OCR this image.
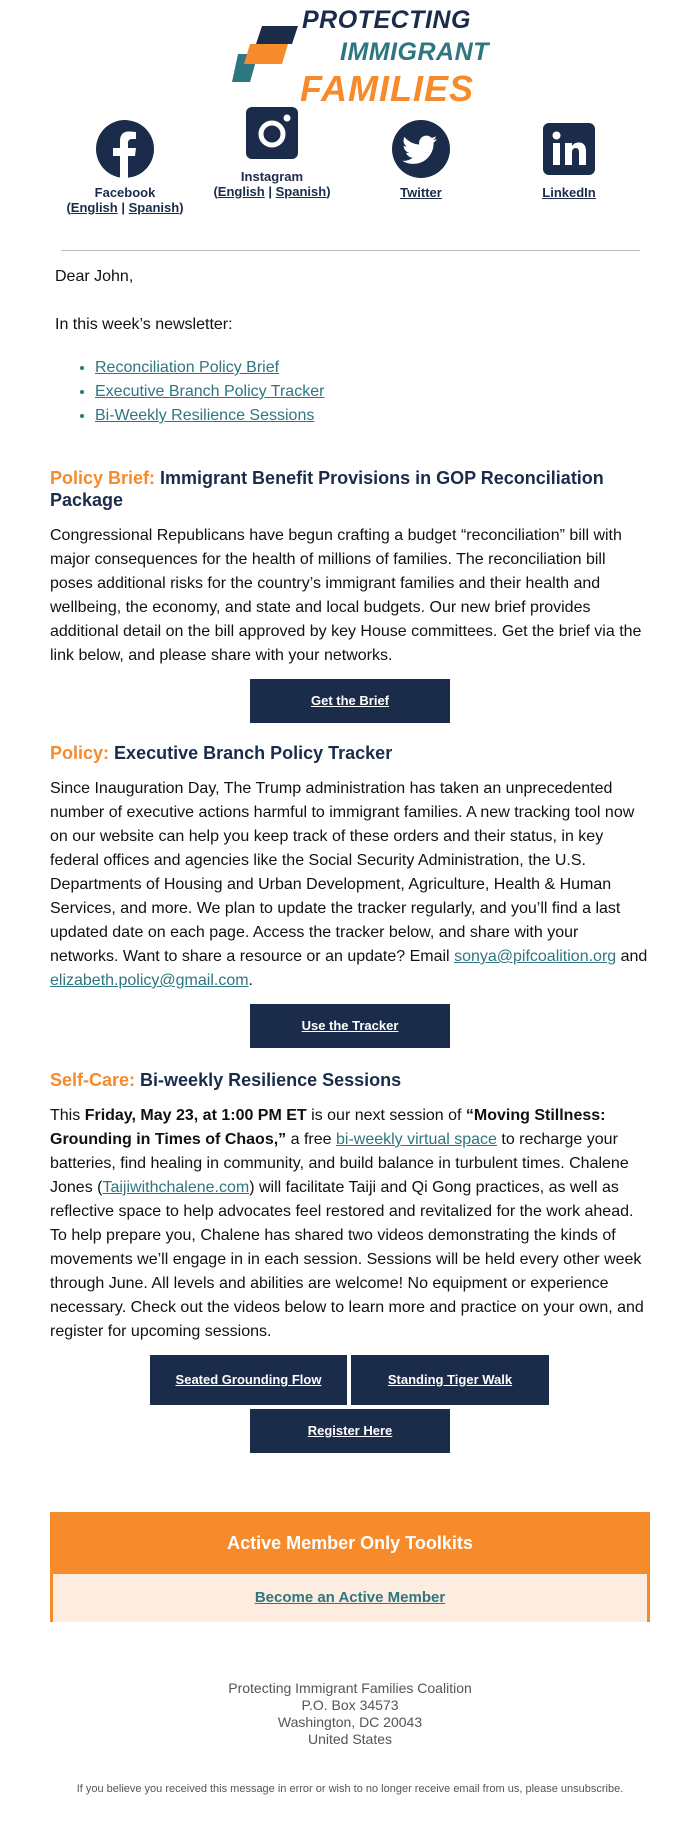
PROTECTING
IMMIGRANT
FAMILIES
Facebook
(English | Spanish)
Instagram
(English | Spanish)	Twitter	LinkedIn

Dear John,

In this week’s newsletter:

• Reconciliation Policy Brief
• Executive Branch Policy Tracker
• Bi-Weekly Resilience Sessions
Policy Brief: Immigrant Benefit Provisions in GOP Reconciliation Package

Congressional Republicans have begun crafting a budget “reconciliation” bill with major consequences for the health of millions of families. The reconciliation bill poses additional risks for the country’s immigrant families and their health and wellbeing, the economy, and state and local budgets. Our new brief provides additional detail on the bill approved by key House committees. Get the brief via the link below, and please share with your networks.

Get the Brief
Policy: Executive Branch Policy Tracker

Since Inauguration Day, The Trump administration has taken an unprecedented number of executive actions harmful to immigrant families. A new tracking tool now on our website can help you keep track of these orders and their status, in key federal offices and agencies like the Social Security Administration, the U.S. Departments of Housing and Urban Development, Agriculture, Health & Human Services, and more. We plan to update the tracker regularly, and you’ll find a last updated date on each page. Access the tracker below, and share with your networks. Want to share a resource or an update? Email sonya@pifcoalition.org and elizabeth.policy@gmail.com.

Use the Tracker
Self-Care: Bi-weekly Resilience Sessions

This Friday, May 23, at 1:00 PM ET is our next session of “Moving Stillness: Grounding in Times of Chaos,” a free bi-weekly virtual space to recharge your batteries, find healing in community, and build balance in turbulent times. Chalene Jones (Taijiwithchalene.com) will facilitate Taiji and Qi Gong practices, as well as reflective space to help advocates feel restored and revitalized for the work ahead. To help prepare you, Chalene has shared two videos demonstrating the kinds of movements we’ll engage in in each session. Sessions will be held every other week through June. All levels and abilities are welcome! No equipment or experience necessary. Check out the videos below to learn more and practice on your own, and register for upcoming sessions.

Seated Grounding Flow	Standing Tiger Walk
Register Here
Active Member Only Toolkits
Become an Active Member
Protecting Immigrant Families Coalition
P.O. Box 34573
Washington, DC 20043
United States
If you believe you received this message in error or wish to no longer receive email from us, please unsubscribe.
